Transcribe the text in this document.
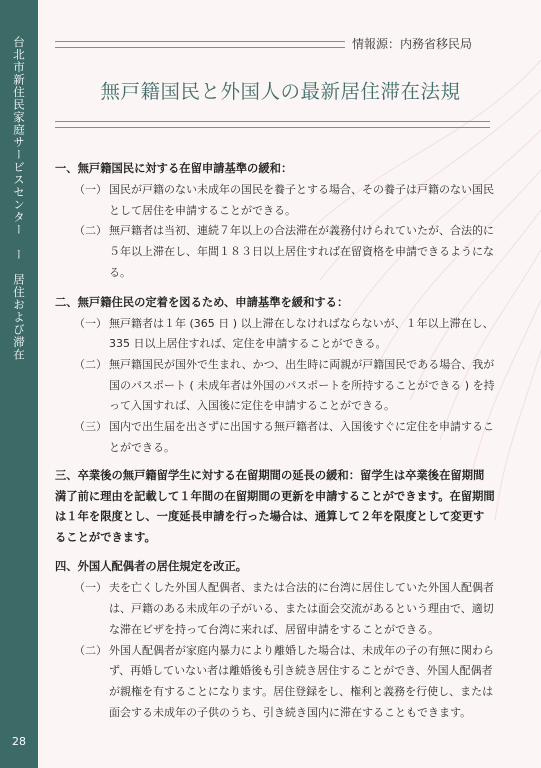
台北市新住民家庭サービスセンター　ー　居住および滞在
28
情報源：内務省移民局
無戸籍国民と外国人の最新居住滞在法規
一、無戸籍国民に対する在留申請基準の緩和：
（一） 国民が戸籍のない未成年の国民を養子とする場合、その養子は戸籍のない国民として居住を申請することができる。
（二） 無戸籍者は当初、連続７年以上の合法滞在が義務付けられていたが、合法的に５年以上滞在し、年間１８３日以上居住すれば在留資格を申請できるようになる。
二、無戸籍住民の定着を図るため、申請基準を緩和する：
（一） 無戸籍者は１年 (365 日 ) 以上滞在しなければならないが、１年以上滞在し、335 日以上居住すれば、定住を申請することができる。
（二） 無戸籍国民が国外で生まれ、かつ、出生時に両親が戸籍国民である場合、我が国のパスポート ( 未成年者は外国のパスポートを所持することができる ) を持って入国すれば、入国後に定住を申請することができる。
（三） 国内で出生届を出さずに出国する無戸籍者は、入国後すぐに定住を申請することができる。
三、卒業後の無戸籍留学生に対する在留期間の延長の緩和：留学生は卒業後在留期間満了前に理由を記載して１年間の在留期間の更新を申請することができます。在留期間は１年を限度とし、一度延長申請を行った場合は、通算して２年を限度として変更することができます。
四、外国人配偶者の居住規定を改正。
（一） 夫を亡くした外国人配偶者、または合法的に台湾に居住していた外国人配偶者は、戸籍のある未成年の子がいる、または面会交流があるという理由で、適切な滞在ビザを持って台湾に来れば、居留申請をすることができる。
（二） 外国人配偶者が家庭内暴力により離婚した場合は、未成年の子の有無に関わらず、再婚していない者は離婚後も引き続き居住することができ、外国人配偶者が親権を有することになります。居住登録をし、権利と義務を行使し、または面会する未成年の子供のうち、引き続き国内に滞在することもできます。
